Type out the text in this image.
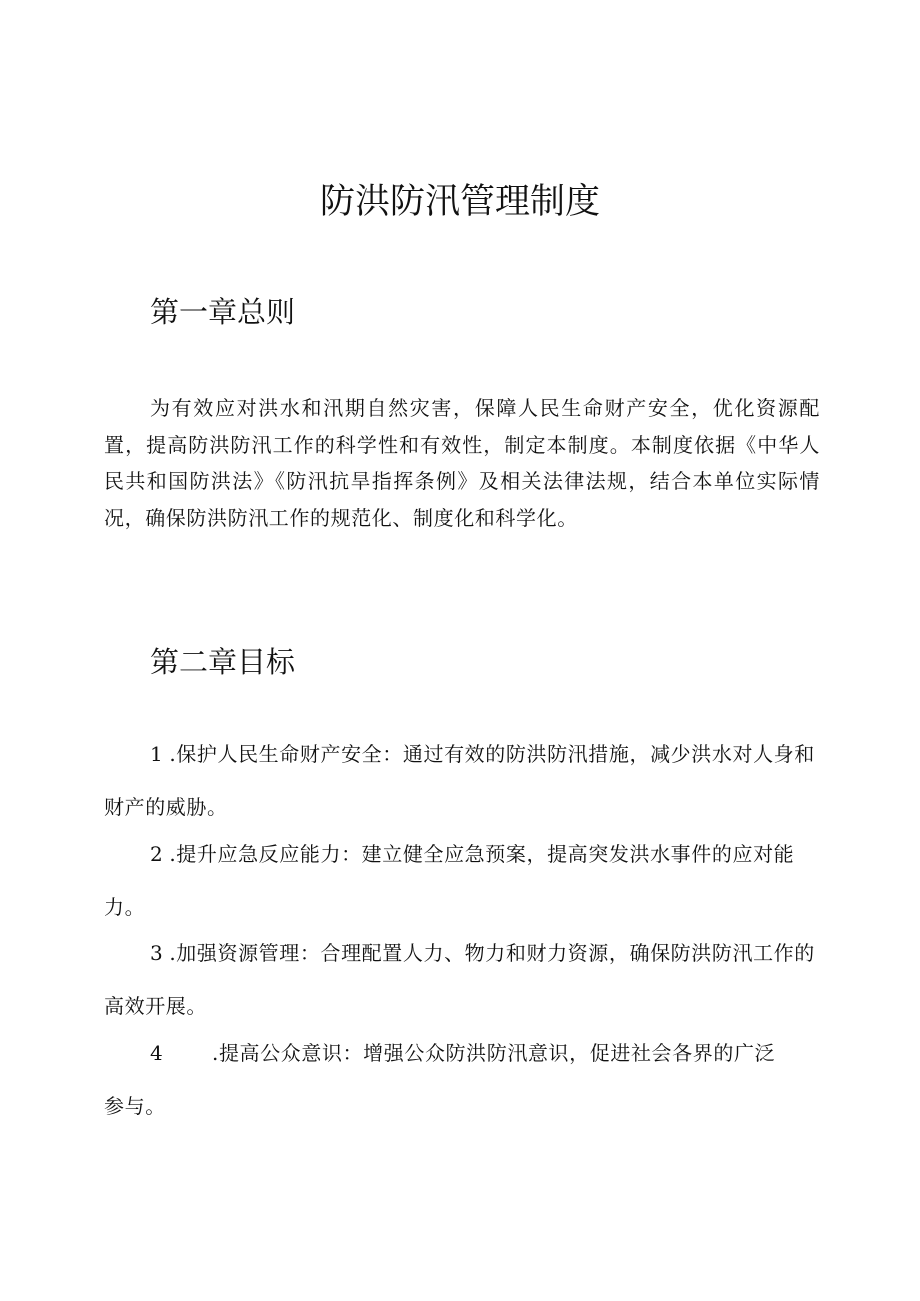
防洪防汛管理制度
第一章总则

为有效应对洪水和汛期自然灾害，保障人民生命财产安全，优化资源配置，提高防洪防汛工作的科学性和有效性，制定本制度。本制度依据《中华人民共和国防洪法》《防汛抗旱指挥条例》及相关法律法规，结合本单位实际情况，确保防洪防汛工作的规范化、制度化和科学化。

第二章目标

1 .保护人民生命财产安全：通过有效的防洪防汛措施，减少洪水对人身和财产的威胁。

2 .提升应急反应能力：建立健全应急预案，提高突发洪水事件的应对能力。

3 .加强资源管理：合理配置人力、物力和财力资源，确保防洪防汛工作的高效开展。

4 .提高公众意识：增强公众防洪防汛意识，促进社会各界的广泛参与。
